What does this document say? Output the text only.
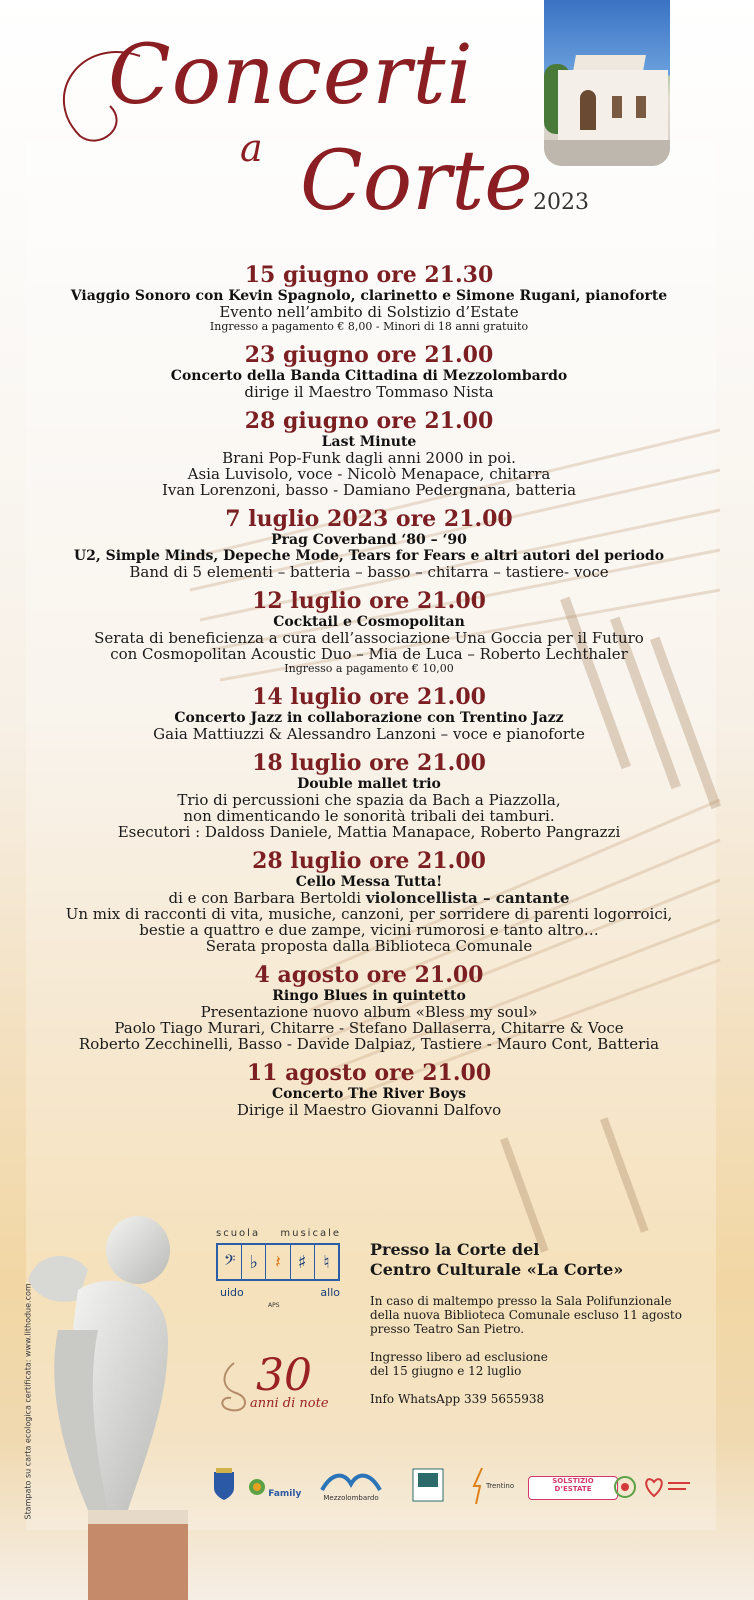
Concerti
a Corte 2023
15 giugno ore 21.30
Viaggio Sonoro con Kevin Spagnolo, clarinetto e Simone Rugani, pianoforte
Evento nell’ambito di Solstizio d’Estate
Ingresso a pagamento € 8,00 - Minori di 18 anni gratuito
23 giugno ore 21.00
Concerto della Banda Cittadina di Mezzolombardo
dirige il Maestro Tommaso Nista
28 giugno ore 21.00
Last Minute
Brani Pop-Funk dagli anni 2000 in poi.
Asia Luvisolo, voce - Nicolò Menapace, chitarra
Ivan Lorenzoni, basso - Damiano Pedergnana, batteria
7 luglio 2023 ore 21.00
Prag Coverband ‘80 – ‘90
U2, Simple Minds, Depeche Mode, Tears for Fears e altri autori del periodo
Band di 5 elementi – batteria – basso – chitarra – tastiere- voce
12 luglio ore 21.00
Cocktail e Cosmopolitan
Serata di beneficienza a cura dell’associazione Una Goccia per il Futuro
con Cosmopolitan Acoustic Duo – Mia de Luca – Roberto Lechthaler
Ingresso a pagamento € 10,00
14 luglio ore 21.00
Concerto Jazz in collaborazione con Trentino Jazz
Gaia Mattiuzzi & Alessandro Lanzoni – voce e pianoforte
18 luglio ore 21.00
Double mallet trio
Trio di percussioni che spazia da Bach a Piazzolla,
non dimenticando le sonorità tribali dei tamburi.
Esecutori : Daldoss Daniele, Mattia Manapace, Roberto Pangrazzi
28 luglio ore 21.00
Cello Messa Tutta!
di e con Barbara Bertoldi violoncellista – cantante
Un mix di racconti di vita, musiche, canzoni, per sorridere di parenti logorroici,
bestie a quattro e due zampe, vicini rumorosi e tanto altro…
Serata proposta dalla Biblioteca Comunale
4 agosto ore 21.00
Ringo Blues in quintetto
Presentazione nuovo album «Bless my soul»
Paolo Tiago Murari, Chitarre - Stefano Dallaserra, Chitarre & Voce
Roberto Zecchinelli, Basso - Davide Dalpiaz, Tastiere - Mauro Cont, Batteria
11 agosto ore 21.00
Concerto The River Boys
Dirige il Maestro Giovanni Dalfovo
Stampato su carta ecologica certificata: www.lithodue.com
scuola musicale
𝄢 ♭ 𝄽 ♯ ♮
uido	allo
APS
30
anni di note
Presso la Corte del
Centro Culturale «La Corte»
In caso di maltempo presso la Sala Polifunzionale
della nuova Biblioteca Comunale escluso 11 agosto
presso Teatro San Pietro.
Ingresso libero ad esclusione
del 15 giugno e 12 luglio
Info WhatsApp 339 5655938
Family	Mezzolombardo
Trentino
SOLSTIZIO
D’ESTATE
